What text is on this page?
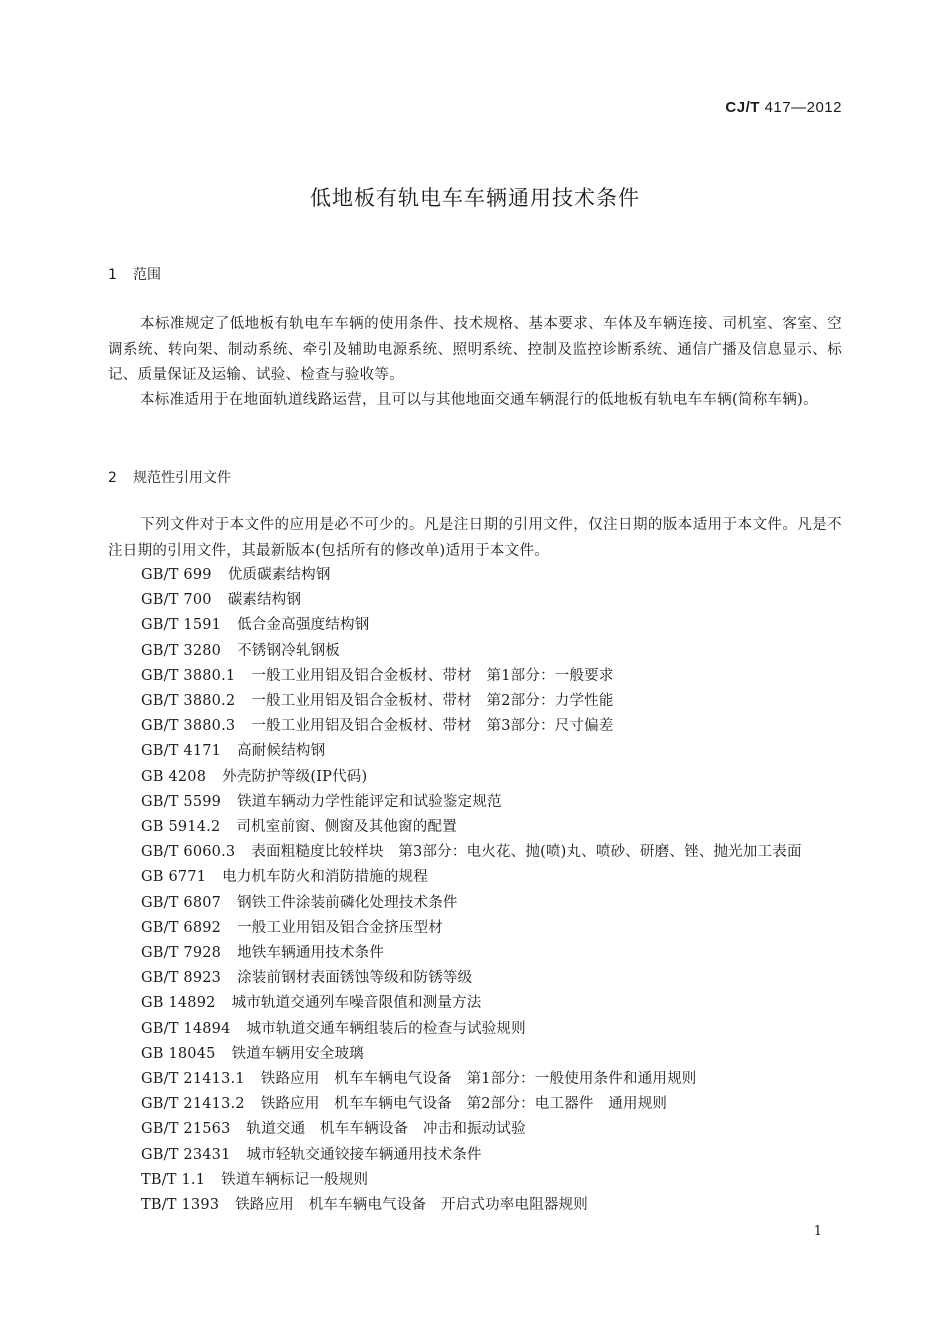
CJ/T 417—2012
低地板有轨电车车辆通用技术条件
1 范围

本标准规定了低地板有轨电车车辆的使用条件、技术规格、基本要求、车体及车辆连接、司机室、客室、空调系统、转向架、制动系统、牵引及辅助电源系统、照明系统、控制及监控诊断系统、通信广播及信息显示、标记、质量保证及运输、试验、检查与验收等。

本标准适用于在地面轨道线路运营，且可以与其他地面交通车辆混行的低地板有轨电车车辆(简称车辆)。

2 规范性引用文件

下列文件对于本文件的应用是必不可少的。凡是注日期的引用文件，仅注日期的版本适用于本文件。凡是不注日期的引用文件，其最新版本(包括所有的修改单)适用于本文件。

GB/T 699 优质碳素结构钢
GB/T 700 碳素结构钢
GB/T 1591 低合金高强度结构钢
GB/T 3280 不锈钢冷轧钢板
GB/T 3880.1 一般工业用铝及铝合金板材、带材　第1部分：一般要求
GB/T 3880.2 一般工业用铝及铝合金板材、带材　第2部分：力学性能
GB/T 3880.3 一般工业用铝及铝合金板材、带材　第3部分：尺寸偏差
GB/T 4171 高耐候结构钢
GB 4208 外壳防护等级(IP代码)
GB/T 5599 铁道车辆动力学性能评定和试验鉴定规范
GB 5914.2 司机室前窗、侧窗及其他窗的配置
GB/T 6060.3 表面粗糙度比较样块　第3部分：电火花、抛(喷)丸、喷砂、研磨、锉、抛光加工表面
GB 6771 电力机车防火和消防措施的规程
GB/T 6807 钢铁工件涂装前磷化处理技术条件
GB/T 6892 一般工业用铝及铝合金挤压型材
GB/T 7928 地铁车辆通用技术条件
GB/T 8923 涂装前钢材表面锈蚀等级和防锈等级
GB 14892 城市轨道交通列车噪音限值和测量方法
GB/T 14894 城市轨道交通车辆组装后的检查与试验规则
GB 18045 铁道车辆用安全玻璃
GB/T 21413.1 铁路应用　机车车辆电气设备　第1部分：一般使用条件和通用规则
GB/T 21413.2 铁路应用　机车车辆电气设备　第2部分：电工器件　通用规则
GB/T 21563 轨道交通　机车车辆设备　冲击和振动试验
GB/T 23431 城市轻轨交通铰接车辆通用技术条件
TB/T 1.1 铁道车辆标记一般规则
TB/T 1393 铁路应用　机车车辆电气设备　开启式功率电阻器规则
1
